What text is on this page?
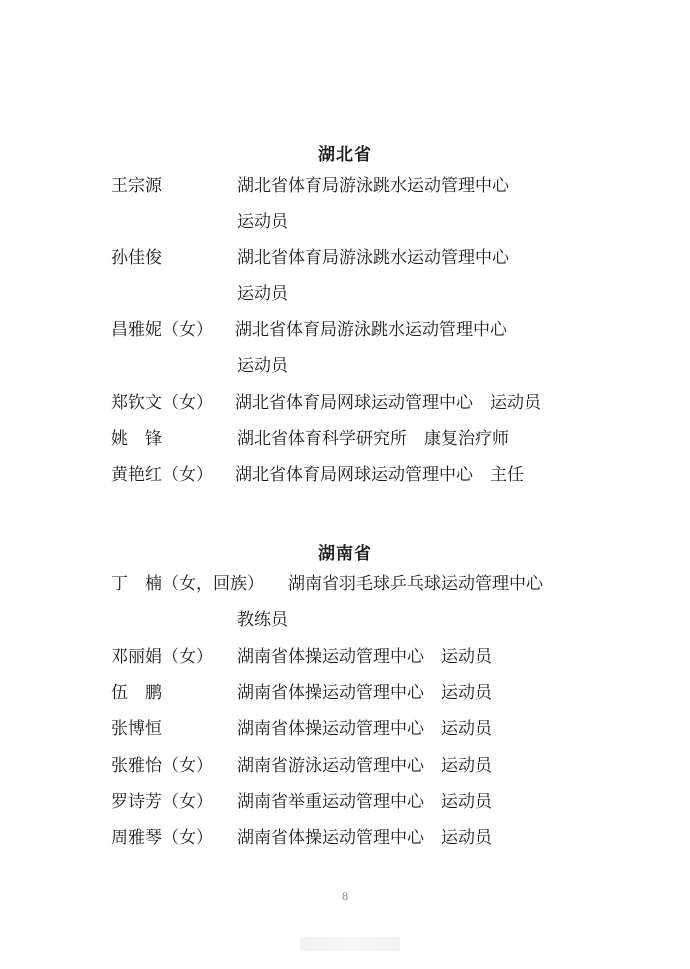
湖北省
王宗源	湖北省体育局游泳跳水运动管理中心
运动员
孙佳俊	湖北省体育局游泳跳水运动管理中心
运动员
昌雅妮（女） 湖北省体育局游泳跳水运动管理中心
运动员
郑钦文（女） 湖北省体育局网球运动管理中心　运动员
姚　锋	湖北省体育科学研究所　康复治疗师
黄艳红（女） 湖北省体育局网球运动管理中心　主任
湖南省
丁　楠（女，回族） 湖南省羽毛球乒乓球运动管理中心
教练员
邓丽娟（女） 湖南省体操运动管理中心　运动员
伍　鹏	湖南省体操运动管理中心　运动员
张博恒	湖南省体操运动管理中心　运动员
张雅怡（女） 湖南省游泳运动管理中心　运动员
罗诗芳（女） 湖南省举重运动管理中心　运动员
周雅琴（女） 湖南省体操运动管理中心　运动员
8
